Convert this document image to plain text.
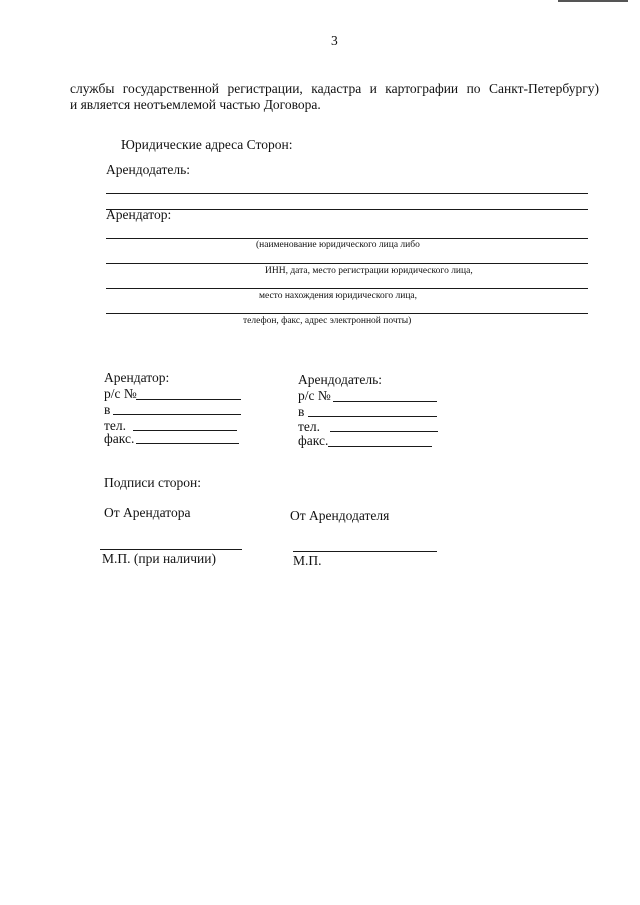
3
службы государственной регистрации, кадастра и картографии по Санкт-Петербургу)
и является неотъемлемой частью Договора.
Юридические адреса Сторон:
Арендодатель:
Арендатор:
(наименование юридического лица либо
ИНН, дата, место регистрации юридического лица,
место нахождения юридического лица,
телефон, факс, адрес электронной почты)
Арендатор:
р/с №
в
тел.
факс.
Арендодатель:
р/с №
в
тел.
факс.
Подписи сторон:
От Арендатора	От Арендодателя
М.П. (при наличии)	М.П.
